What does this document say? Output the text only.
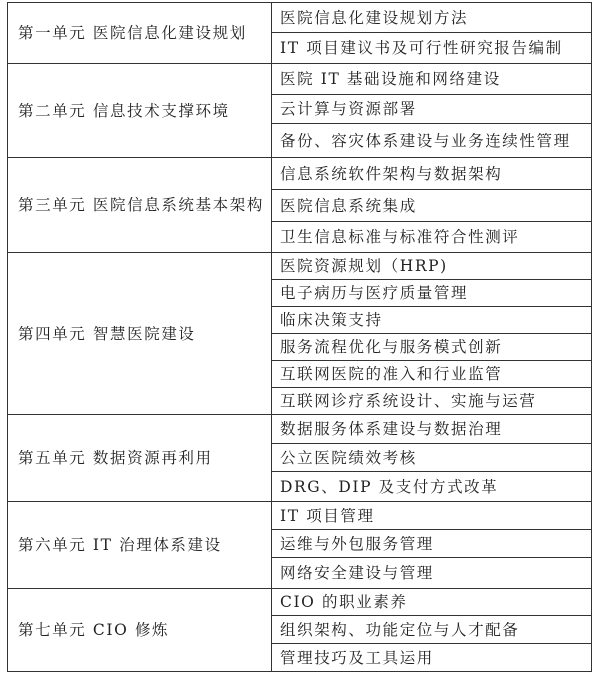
第一单元 医院信息化建设规划	医院信息化建设规划方法
	IT 项目建议书及可行性研究报告编制
第二单元 信息技术支撑环境	医院 IT 基础设施和网络建设
	云计算与资源部署
	备份、容灾体系建设与业务连续性管理
第三单元 医院信息系统基本架构	信息系统软件架构与数据架构
	医院信息系统集成
	卫生信息标准与标准符合性测评
第四单元 智慧医院建设	医院资源规划（HRP)
	电子病历与医疗质量管理
	临床决策支持
	服务流程优化与服务模式创新
	互联网医院的准入和行业监管
	互联网诊疗系统设计、实施与运营
第五单元 数据资源再利用	数据服务体系建设与数据治理
	公立医院绩效考核
	DRG、DIP 及支付方式改革
第六单元 IT 治理体系建设	IT 项目管理
	运维与外包服务管理
	网络安全建设与管理
第七单元 CIO 修炼	CIO 的职业素养
	组织架构、功能定位与人才配备
	管理技巧及工具运用
